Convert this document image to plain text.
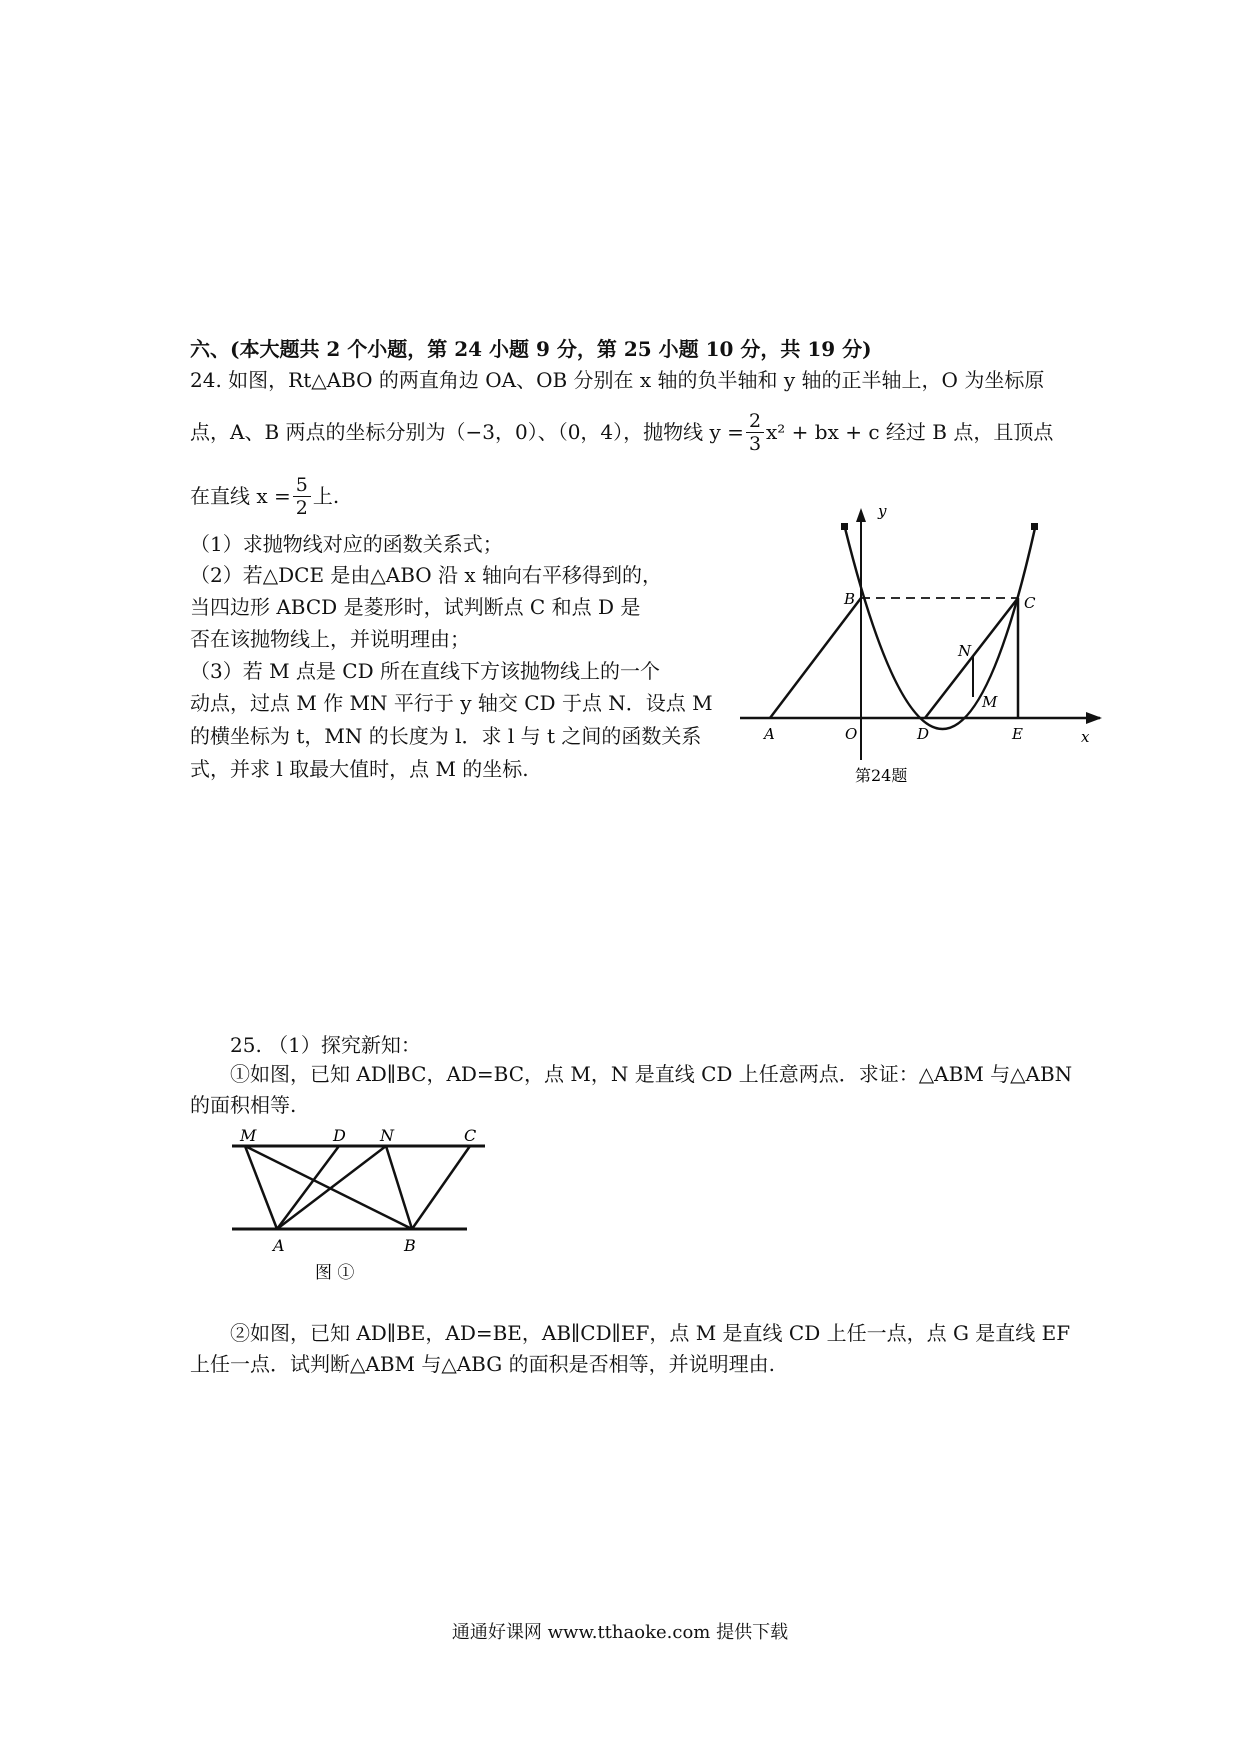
六、(本大题共 2 个小题，第 24 小题 9 分，第 25 小题 10 分，共 19 分)
24. 如图，Rt△ABO 的两直角边 OA、OB 分别在 x 轴的负半轴和 y 轴的正半轴上，O 为坐标原
点，A、B 两点的坐标分别为（−3，0）、（0，4），抛物线 $y = \frac{2}{3} x^2$ + bx + c 经过 B 点，且顶点
在直线 $x = \frac{5}{2}$ 上.
（1）求抛物线对应的函数关系式；
（2）若△DCE 是由△ABO 沿 x 轴向右平移得到的，
当四边形 ABCD 是菱形时，试判断点 C 和点 D 是
否在该抛物线上，并说明理由；
（3）若 M 点是 CD 所在直线下方该抛物线上的一个
动点，过点 M 作 MN 平行于 y 轴交 CD 于点 N．设点 M
的横坐标为 t，MN 的长度为 l．求 l 与 t 之间的函数关系
式，并求 l 取最大值时，点 M 的坐标.
y
x
B	C
N
M
A	O	D	E
第24题
25. （1）探究新知：
①如图，已知 AD∥BC，AD=BC，点 M，N 是直线 CD 上任意两点．求证：△ABM 与△ABN
的面积相等.
M	D N	C
A	B
图 ①
②如图，已知 AD∥BE，AD=BE，AB∥CD∥EF，点 M 是直线 CD 上任一点，点 G 是直线 EF
上任一点．试判断△ABM 与△ABG 的面积是否相等，并说明理由.
通通好课网 www.tthaoke.com 提供下载
